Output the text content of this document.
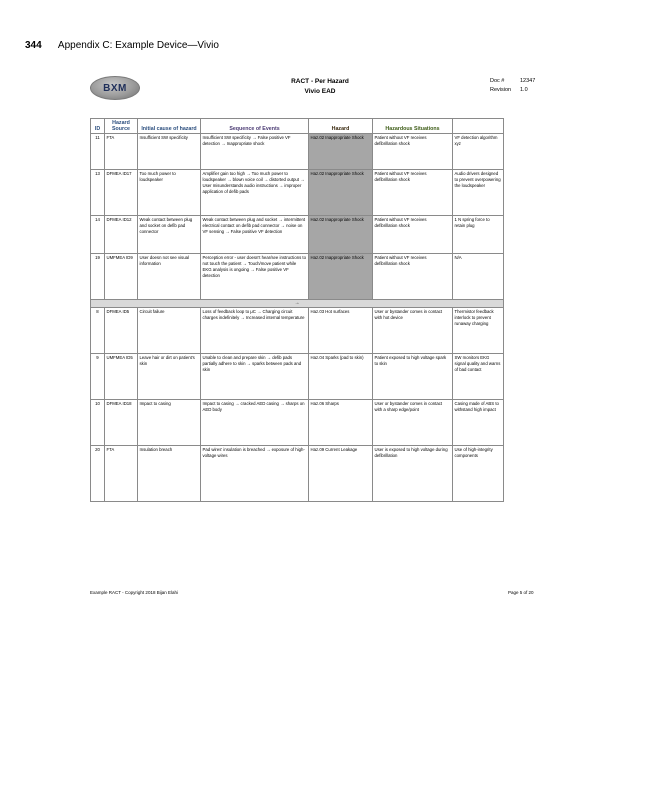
344 Appendix C: Example Device—Vivio
BXM
RACT - Per Hazard
Vivio EAD
Doc #	12347
Revision 1.0
ID	Hazard Source	Initial cause of hazard	Sequence of Events	Hazard	Hazardous Situations	SD
11	FTA	Insufficient SW specificity	Insufficient SW specificity → False positive VF detection → Inappropriate shock	Haz.02 Inappropriate Shock	Patient without VF receives defibrillation shock	VF detection algorithm xyz
13	DFMEA ID17	Too much power to loudspeaker	Amplifier gain too high → Too much power to loudspeaker → blown voice coil → distorted output → User misunderstands audio instructions → improper application of defib pads	Haz.02 Inappropriate Shock	Patient without VF receives defibrillation shock	Audio drivers designed to prevent overpowering the loudspeaker
14	DFMEA ID12	Weak contact between plug and socket on defib pad connector	Weak contact between plug and socket → intermittent electrical contact on defib pad connector → noise on VF sensing → False positive VF detection	Haz.02 Inappropriate Shock	Patient without VF receives defibrillation shock	1 N spring force to retain plug
19	UMFMEA ID9	User doesn not see visual information	Perception error - user doesn't hear/see instructions to not touch the patient → Touch/move patient while EKG analysis is ongoing → False positive VF detection	Haz.02 Inappropriate Shock	Patient without VF receives defibrillation shock	N/A
→						
8	DFMEA ID5	Circuit failure	Loss of feedback loop to μC → Charging circuit charges indefinitely → Increased internal temperature	Haz.03 Hot surfaces	User or bystander comes in contact with hot device	Thermistor feedback interlock to prevent runaway charging
9	UMFMEA ID5	Leave hair or dirt on patient's skin	Unable to clean and prepare skin → defib pads partially adhere to skin → sparks between pads and skin	Haz.04 Sparks (pad to skin)	Patient exposed to high voltage spark to skin	SW monitors EKG signal quality and warns of bad contact
10	DFMEA ID18	Impact to casing	Impact to casing → cracked AED casing → sharps on AED body	Haz.06 Sharps	User or bystander comes in contact with a sharp edge/point	Casing made of ABS to withstand high impact
20	FTA	Insulation breach	Pad wires' insulation is breached → exposure of high-voltage wires	Haz.09 Current Leakage	User is exposed to high voltage during defibrillation	Use of high-integrity components
Example RACT - Copyright 2018 Bijan Elahi	Page 5 of 20
